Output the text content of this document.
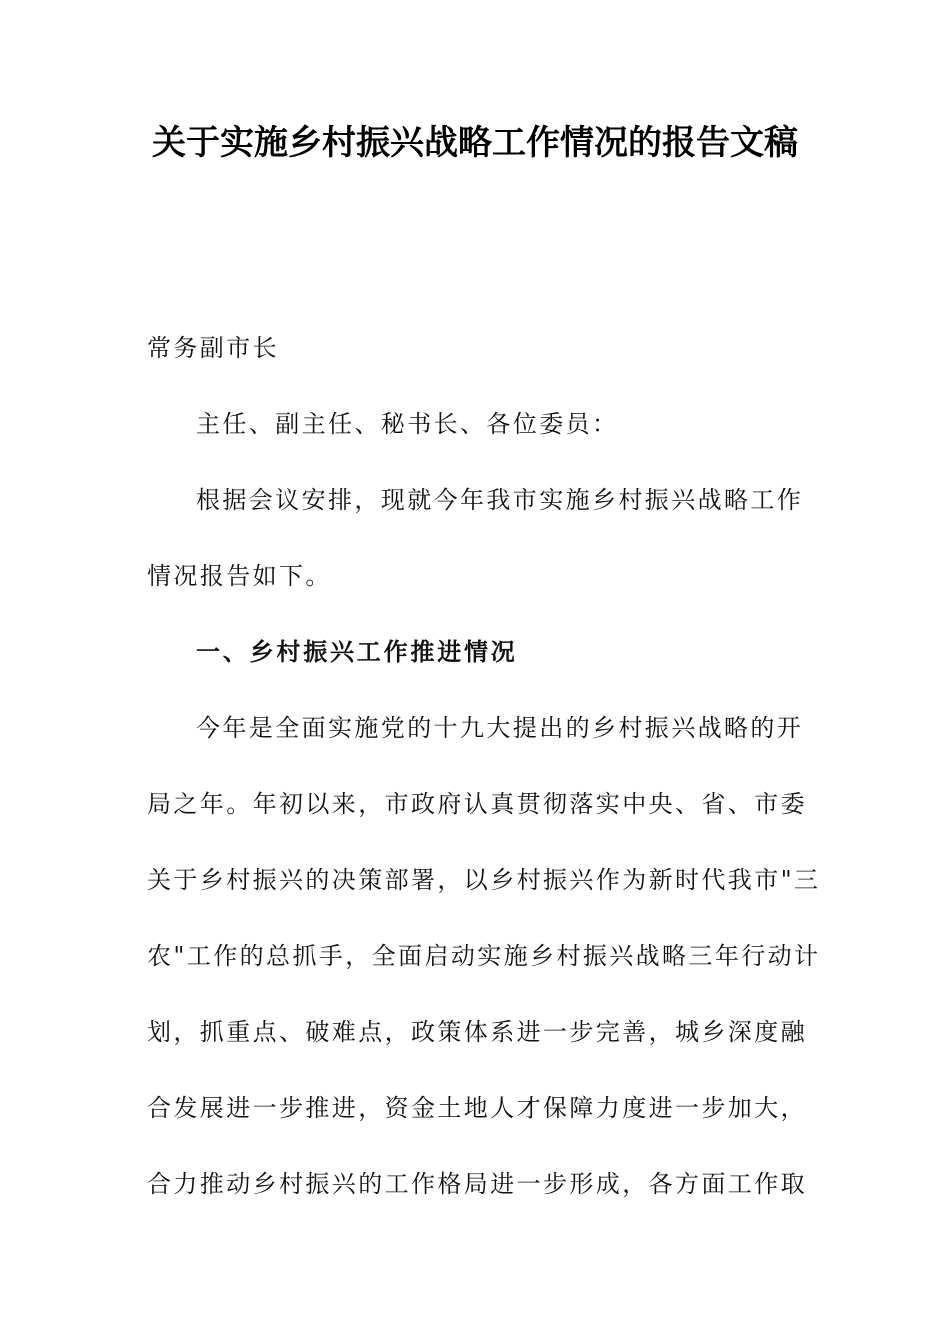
关于实施乡村振兴战略工作情况的报告文稿
常务副市长
主任、副主任、秘书长、各位委员：
根据会议安排，现就今年我市实施乡村振兴战略工作
情况报告如下。
一、乡村振兴工作推进情况
今年是全面实施党的十九大提出的乡村振兴战略的开
局之年。年初以来，市政府认真贯彻落实中央、省、市委
关于乡村振兴的决策部署，以乡村振兴作为新时代我市"三
农"工作的总抓手，全面启动实施乡村振兴战略三年行动计
划，抓重点、破难点，政策体系进一步完善，城乡深度融
合发展进一步推进，资金土地人才保障力度进一步加大，
合力推动乡村振兴的工作格局进一步形成，各方面工作取
